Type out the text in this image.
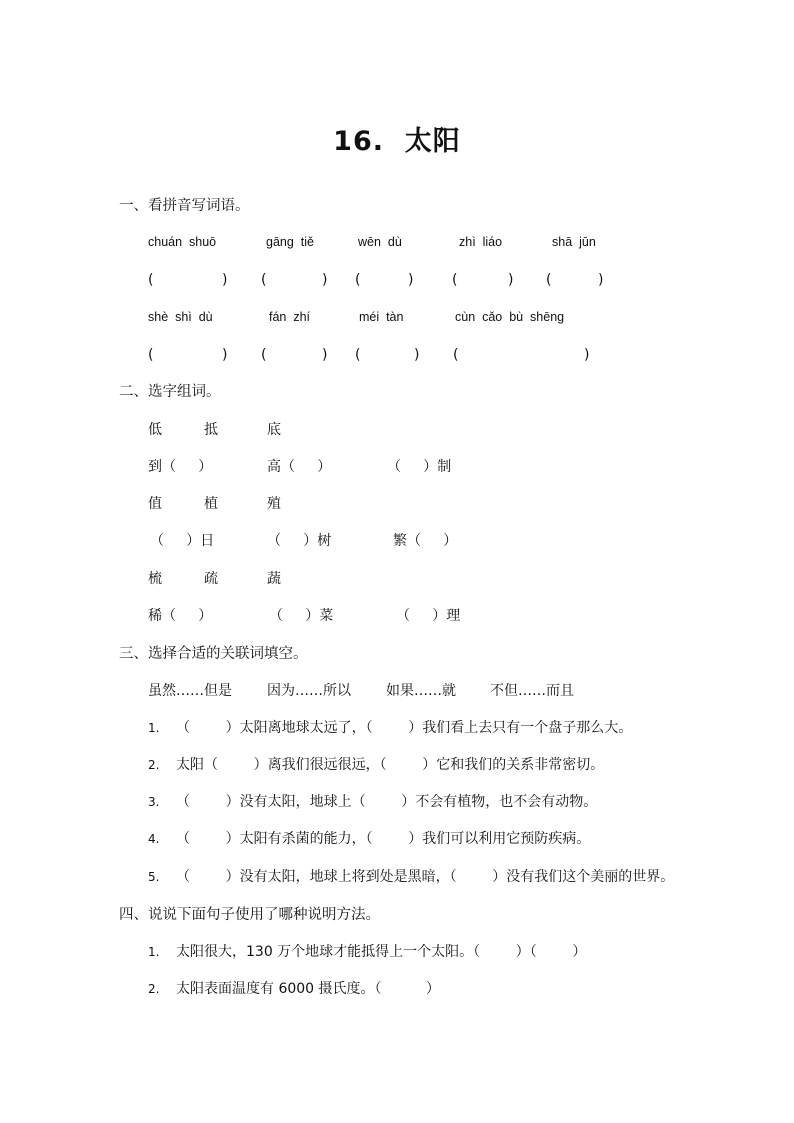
16.  太阳
一、看拼音写词语。
chuán  shuō	gāng  tiě	wēn  dù	zhì  liáo	shā  jūn
(	) (	) (	)	(	) (	)
shè  shì  dù	fán  zhí	méi  tàn	cùn  cǎo  bù  shēng
(	) (	) (	) (	)
二、选字组词。
低	抵	底
到（     ）	高（     ）	（     ）制
值	植	殖
（     ）日	（     ）树	繁（     ）
梳	疏	蔬
稀（     ）	（     ）菜	（     ）理
三、选择合适的关联词填空。
虽然……但是	因为……所以	如果……就 不但……而且
1. （        ）太阳离地球太远了，（        ）我们看上去只有一个盘子那么大。
2. 太阳（        ）离我们很远很远，（        ）它和我们的关系非常密切。
3. （        ）没有太阳，地球上（        ）不会有植物，也不会有动物。
4. （        ）太阳有杀菌的能力，（        ）我们可以利用它预防疾病。
5. （        ）没有太阳，地球上将到处是黑暗，（        ）没有我们这个美丽的世界。
四、说说下面句子使用了哪种说明方法。
1. 太阳很大，130 万个地球才能抵得上一个太阳。（        ）（        ）
2. 太阳表面温度有 6000 摄氏度。（          ）
